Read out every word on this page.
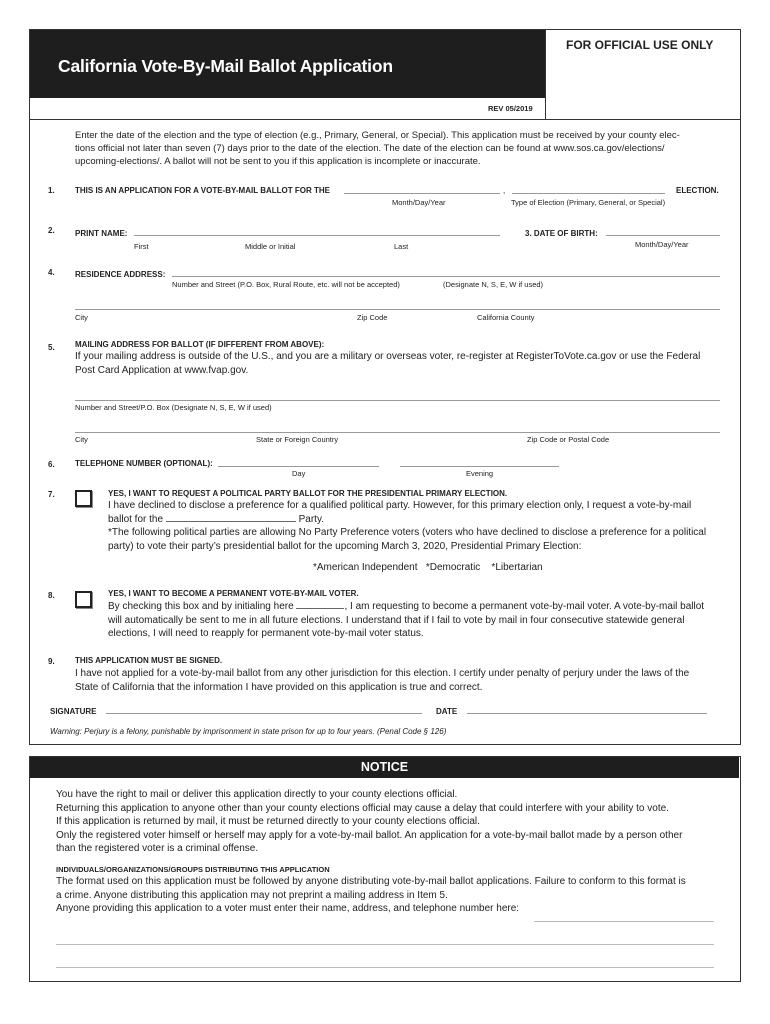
California Vote-By-Mail Ballot Application
FOR OFFICIAL USE ONLY
REV 05/2019
Enter the date of the election and the type of election (e.g., Primary, General, or Special). This application must be received by your county elec-
tions official not later than seven (7) days prior to the date of the election. The date of the election can be found at www.sos.ca.gov/elections/
upcoming-elections/. A ballot will not be sent to you if this application is incomplete or inaccurate.
1.	THIS IS AN APPLICATION FOR A VOTE-BY-MAIL BALLOT FOR THE	,	ELECTION.
Month/Day/Year	Type of Election (Primary, General, or Special)
2.	PRINT NAME:
First	Middle or Initial	Last
3. DATE OF BIRTH:
Month/Day/Year
4.	RESIDENCE ADDRESS:
Number and Street (P.O. Box, Rural Route, etc. will not be accepted)	(Designate N, S, E, W if used)
City	Zip Code	California County
MAILING ADDRESS FOR BALLOT (IF DIFFERENT FROM ABOVE):
5.
If your mailing address is outside of the U.S., and you are a military or overseas voter, re-register at RegisterToVote.ca.gov or use the Federal
Post Card Application at www.fvap.gov.
Number and Street/P.O. Box (Designate N, S, E, W if used)
City	State or Foreign Country	Zip Code or Postal Code
6.	TELEPHONE NUMBER (OPTIONAL):
Day	Evening
7.	YES, I WANT TO REQUEST A POLITICAL PARTY BALLOT FOR THE PRESIDENTIAL PRIMARY ELECTION.
I have declined to disclose a preference for a qualified political party. However, for this primary election only, I request a vote-by-mail
ballot for the	Party.
*The following political parties are allowing No Party Preference voters (voters who have declined to disclose a preference for a political
party) to vote their party’s presidential ballot for the upcoming March 3, 2020, Presidential Primary Election:
*American Independent   *Democratic    *Libertarian
8.	YES, I WANT TO BECOME A PERMANENT VOTE-BY-MAIL VOTER.
By checking this box and by initialing here	, I am requesting to become a permanent vote-by-mail voter. A vote-by-mail ballot
will automatically be sent to me in all future elections. I understand that if I fail to vote by mail in four consecutive statewide general
elections, I will need to reapply for permanent vote-by-mail voter status.
9.	THIS APPLICATION MUST BE SIGNED.
I have not applied for a vote-by-mail ballot from any other jurisdiction for this election. I certify under penalty of perjury under the laws of the
State of California that the information I have provided on this application is true and correct.
SIGNATURE	DATE
Warning: Perjury is a felony, punishable by imprisonment in state prison for up to four years. (Penal Code § 126)
NOTICE
You have the right to mail or deliver this application directly to your county elections official.
Returning this application to anyone other than your county elections official may cause a delay that could interfere with your ability to vote.
If this application is returned by mail, it must be returned directly to your county elections official.
Only the registered voter himself or herself may apply for a vote-by-mail ballot. An application for a vote-by-mail ballot made by a person other
than the registered voter is a criminal offense.
INDIVIDUALS/ORGANIZATIONS/GROUPS DISTRIBUTING THIS APPLICATION
The format used on this application must be followed by anyone distributing vote-by-mail ballot applications. Failure to conform to this format is
a crime. Anyone distributing this application may not preprint a mailing address in Item 5.
Anyone providing this application to a voter must enter their name, address, and telephone number here:
